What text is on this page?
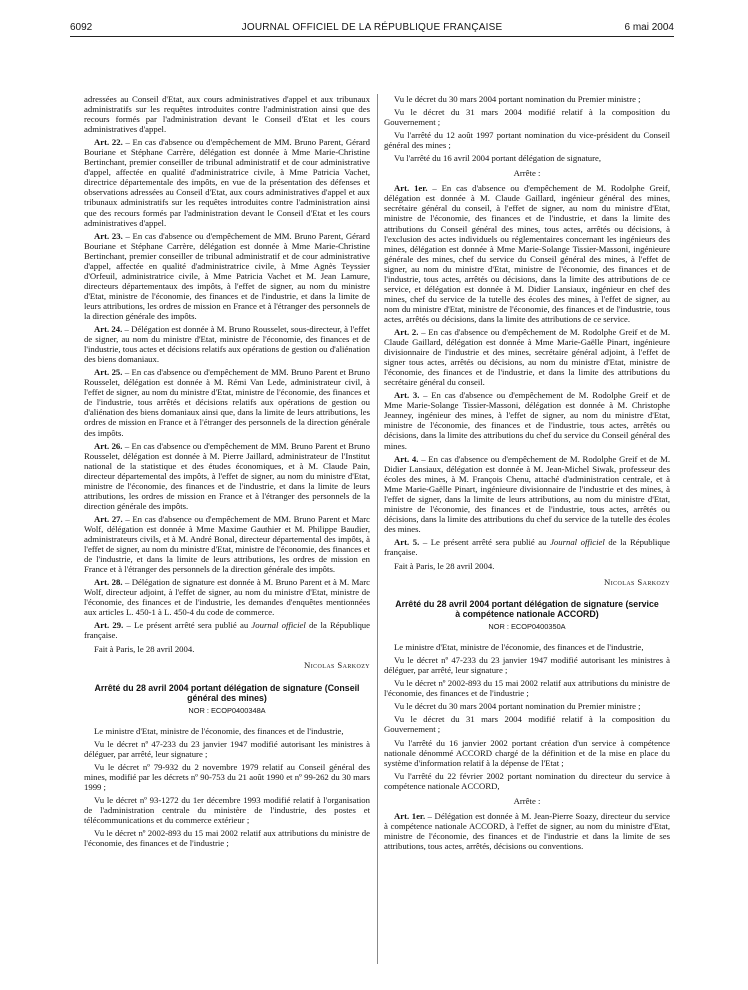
6092	JOURNAL OFFICIEL DE LA RÉPUBLIQUE FRANÇAISE	6 mai 2004

adressées au Conseil d'Etat, aux cours administratives d'appel et aux tribunaux administratifs sur les requêtes introduites contre l'administration ainsi que des recours formés par l'administration devant le Conseil d'Etat et les cours administratives d'appel.

Art. 22. – En cas d'absence ou d'empêchement de MM. Bruno Parent, Gérard Bouriane et Stéphane Carrère, délégation est donnée à Mme Marie-Christine Bertinchant, premier conseiller de tribunal administratif et de cour administrative d'appel, affectée en qualité d'administratrice civile, à Mme Patricia Vachet, directrice départementale des impôts, en vue de la présentation des défenses et observations adressées au Conseil d'Etat, aux cours administratives d'appel et aux tribunaux administratifs sur les requêtes introduites contre l'administration ainsi que des recours formés par l'administration devant le Conseil d'Etat et les cours administratives d'appel.

Art. 23. – En cas d'absence ou d'empêchement de MM. Bruno Parent, Gérard Bouriane et Stéphane Carrère, délégation est donnée à Mme Marie-Christine Bertinchant, premier conseiller de tribunal administratif et de cour administrative d'appel, affectée en qualité d'administratrice civile, à Mme Agnès Teyssier d'Orfeuil, administratrice civile, à Mme Patricia Vachet et M. Jean Lamure, directeurs départementaux des impôts, à l'effet de signer, au nom du ministre d'Etat, ministre de l'économie, des finances et de l'industrie, et dans la limite de leurs attributions, les ordres de mission en France et à l'étranger des personnels de la direction générale des impôts.

Art. 24. – Délégation est donnée à M. Bruno Rousselet, sous-directeur, à l'effet de signer, au nom du ministre d'Etat, ministre de l'économie, des finances et de l'industrie, tous actes et décisions relatifs aux opérations de gestion ou d'aliénation des biens domaniaux.

Art. 25. – En cas d'absence ou d'empêchement de MM. Bruno Parent et Bruno Rousselet, délégation est donnée à M. Rémi Van Lede, administrateur civil, à l'effet de signer, au nom du ministre d'Etat, ministre de l'économie, des finances et de l'industrie, tous arrêtés et décisions relatifs aux opérations de gestion ou d'aliénation des biens domaniaux ainsi que, dans la limite de leurs attributions, les ordres de mission en France et à l'étranger des personnels de la direction générale des impôts.

Art. 26. – En cas d'absence ou d'empêchement de MM. Bruno Parent et Bruno Rousselet, délégation est donnée à M. Pierre Jaillard, administrateur de l'Institut national de la statistique et des études économiques, et à M. Claude Pain, directeur départemental des impôts, à l'effet de signer, au nom du ministre d'Etat, ministre de l'économie, des finances et de l'industrie, et dans la limite de leurs attributions, les ordres de mission en France et à l'étranger des personnels de la direction générale des impôts.

Art. 27. – En cas d'absence ou d'empêchement de MM. Bruno Parent et Marc Wolf, délégation est donnée à Mme Maxime Gauthier et M. Philippe Baudier, administrateurs civils, et à M. André Bonal, directeur départemental des impôts, à l'effet de signer, au nom du ministre d'Etat, ministre de l'économie, des finances et de l'industrie, et dans la limite de leurs attributions, les ordres de mission en France et à l'étranger des personnels de la direction générale des impôts.

Art. 28. – Délégation de signature est donnée à M. Bruno Parent et à M. Marc Wolf, directeur adjoint, à l'effet de signer, au nom du ministre d'Etat, ministre de l'économie, des finances et de l'industrie, les demandes d'enquêtes mentionnées aux articles L. 450-1 à L. 450-4 du code de commerce.

Art. 29. – Le présent arrêté sera publié au Journal officiel de la République française.

Fait à Paris, le 28 avril 2004.

Nicolas Sarkozy

Arrêté du 28 avril 2004 portant délégation de signature (Conseil général des mines)

NOR : ECOP0400348A

Le ministre d'Etat, ministre de l'économie, des finances et de l'industrie,

Vu le décret nº 47-233 du 23 janvier 1947 modifié autorisant les ministres à déléguer, par arrêté, leur signature ;

Vu le décret nº 79-932 du 2 novembre 1979 relatif au Conseil général des mines, modifié par les décrets nº 90-753 du 21 août 1990 et nº 99-262 du 30 mars 1999 ;

Vu le décret nº 93-1272 du 1er décembre 1993 modifié relatif à l'organisation de l'administration centrale du ministère de l'industrie, des postes et télécommunications et du commerce extérieur ;

Vu le décret nº 2002-893 du 15 mai 2002 relatif aux attributions du ministre de l'économie, des finances et de l'industrie ;

Vu le décret du 30 mars 2004 portant nomination du Premier ministre ;

Vu le décret du 31 mars 2004 modifié relatif à la composition du Gouvernement ;

Vu l'arrêté du 12 août 1997 portant nomination du vice-président du Conseil général des mines ;

Vu l'arrêté du 16 avril 2004 portant délégation de signature,

Arrête :

Art. 1er. – En cas d'absence ou d'empêchement de M. Rodolphe Greif, délégation est donnée à M. Claude Gaillard, ingénieur général des mines, secrétaire général du conseil, à l'effet de signer, au nom du ministre d'Etat, ministre de l'économie, des finances et de l'industrie, et dans la limite des attributions du Conseil général des mines, tous actes, arrêtés ou décisions, à l'exclusion des actes individuels ou réglementaires concernant les ingénieurs des mines, délégation est donnée à Mme Marie-Solange Tissier-Massoni, ingénieure générale des mines, chef du service du Conseil général des mines, à l'effet de signer, au nom du ministre d'Etat, ministre de l'économie, des finances et de l'industrie, tous actes, arrêtés ou décisions, dans la limite des attributions de ce service, et délégation est donnée à M. Didier Lansiaux, ingénieur en chef des mines, chef du service de la tutelle des écoles des mines, à l'effet de signer, au nom du ministre d'Etat, ministre de l'économie, des finances et de l'industrie, tous actes, arrêtés ou décisions, dans la limite des attributions de ce service.

Art. 2. – En cas d'absence ou d'empêchement de M. Rodolphe Greif et de M. Claude Gaillard, délégation est donnée à Mme Marie-Gaëlle Pinart, ingénieure divisionnaire de l'industrie et des mines, secrétaire général adjoint, à l'effet de signer tous actes, arrêtés ou décisions, au nom du ministre d'Etat, ministre de l'économie, des finances et de l'industrie, et dans la limite des attributions du secrétaire général du conseil.

Art. 3. – En cas d'absence ou d'empêchement de M. Rodolphe Greif et de Mme Marie-Solange Tissier-Massoni, délégation est donnée à M. Christophe Jeanney, ingénieur des mines, à l'effet de signer, au nom du ministre d'Etat, ministre de l'économie, des finances et de l'industrie, tous actes, arrêtés ou décisions, dans la limite des attributions du chef du service du Conseil général des mines.

Art. 4. – En cas d'absence ou d'empêchement de M. Rodolphe Greif et de M. Didier Lansiaux, délégation est donnée à M. Jean-Michel Siwak, professeur des écoles des mines, à M. François Chenu, attaché d'administration centrale, et à Mme Marie-Gaëlle Pinart, ingénieure divisionnaire de l'industrie et des mines, à l'effet de signer, dans la limite de leurs attributions, au nom du ministre d'Etat, ministre de l'économie, des finances et de l'industrie, tous actes, arrêtés ou décisions, dans la limite des attributions du chef du service de la tutelle des écoles des mines.

Art. 5. – Le présent arrêté sera publié au Journal officiel de la République française.

Fait à Paris, le 28 avril 2004.

Nicolas Sarkozy

Arrêté du 28 avril 2004 portant délégation de signature (service à compétence nationale ACCORD)

NOR : ECOP0400350A

Le ministre d'Etat, ministre de l'économie, des finances et de l'industrie,

Vu le décret nº 47-233 du 23 janvier 1947 modifié autorisant les ministres à déléguer, par arrêté, leur signature ;

Vu le décret nº 2002-893 du 15 mai 2002 relatif aux attributions du ministre de l'économie, des finances et de l'industrie ;

Vu le décret du 30 mars 2004 portant nomination du Premier ministre ;

Vu le décret du 31 mars 2004 modifié relatif à la composition du Gouvernement ;

Vu l'arrêté du 16 janvier 2002 portant création d'un service à compétence nationale dénommé ACCORD chargé de la définition et de la mise en place du système d'information relatif à la dépense de l'Etat ;

Vu l'arrêté du 22 février 2002 portant nomination du directeur du service à compétence nationale ACCORD,

Arrête :

Art. 1er. – Délégation est donnée à M. Jean-Pierre Soazy, directeur du service à compétence nationale ACCORD, à l'effet de signer, au nom du ministre d'Etat, ministre de l'économie, des finances et de l'industrie et dans la limite de ses attributions, tous actes, arrêtés, décisions ou conventions.
